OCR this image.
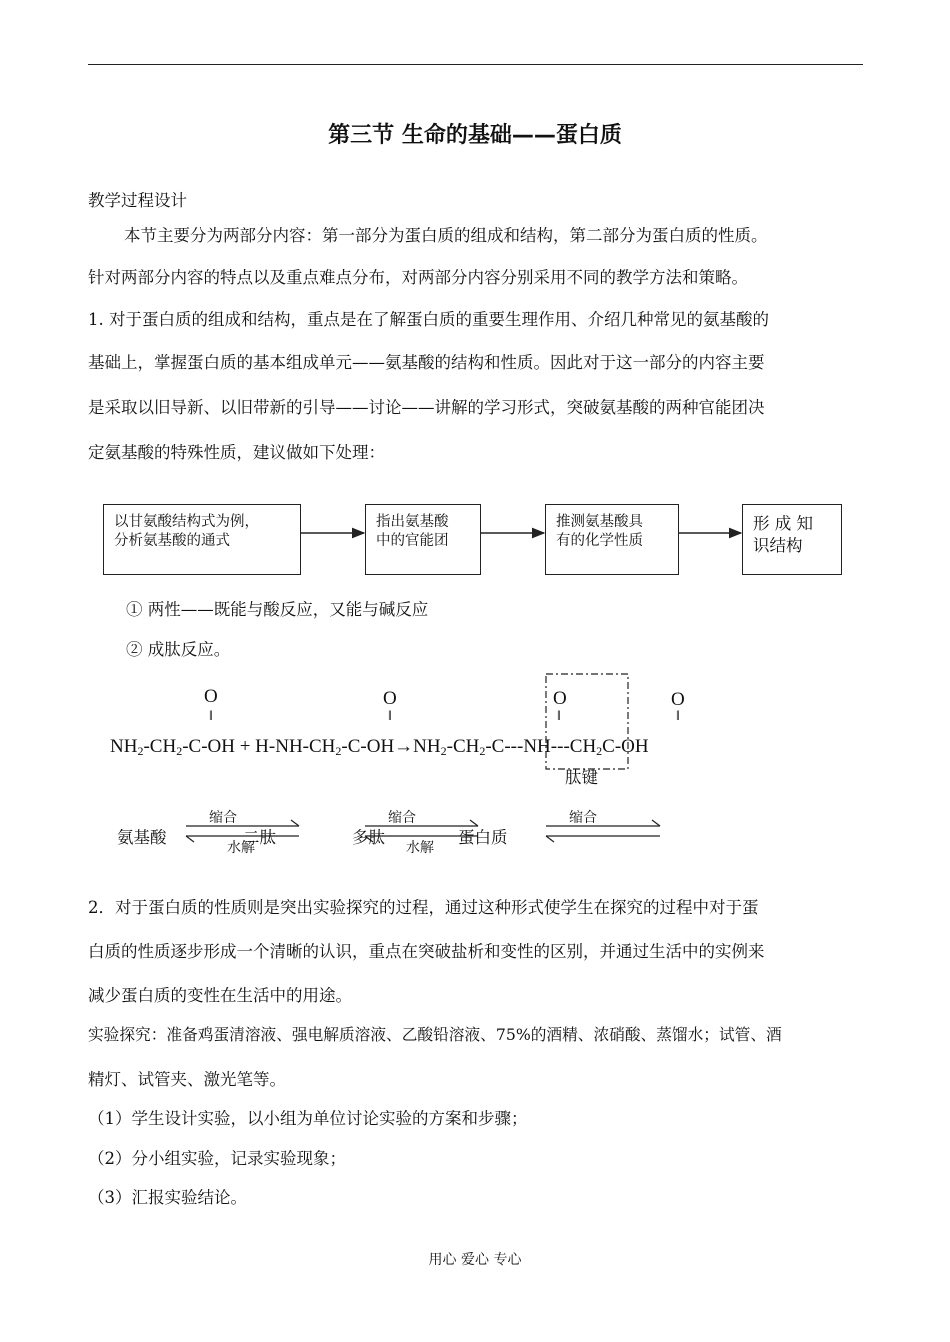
第三节 生命的基础——蛋白质
教学过程设计
本节主要分为两部分内容：第一部分为蛋白质的组成和结构，第二部分为蛋白质的性质。
针对两部分内容的特点以及重点难点分布，对两部分内容分别采用不同的教学方法和策略。
1. 对于蛋白质的组成和结构，重点是在了解蛋白质的重要生理作用、介绍几种常见的氨基酸的
基础上，掌握蛋白质的基本组成单元——氨基酸的结构和性质。因此对于这一部分的内容主要
是采取以旧导新、以旧带新的引导——讨论——讲解的学习形式，突破氨基酸的两种官能团决
定氨基酸的特殊性质，建议做如下处理：
以甘氨酸结构式为例，
分析氨基酸的通式
指出氨基酸
中的官能团
推测氨基酸具
有的化学性质
形 成 知
识结构
① 两性——既能与酸反应，又能与碱反应
② 成肽反应。
O
‖
O
‖
O
‖
O
‖
$NH_2-CH_2-C-OH + H-NH-CH_2-C-OH\to NH_2-CH_2-C---NH---CH_2C-OH$
肽键
氨基酸	二肽	多肽	蛋白质
缩合
水解
缩合
水解
缩合
2．对于蛋白质的性质则是突出实验探究的过程，通过这种形式使学生在探究的过程中对于蛋
白质的性质逐步形成一个清晰的认识，重点在突破盐析和变性的区别，并通过生活中的实例来
减少蛋白质的变性在生活中的用途。
实验探究：准备鸡蛋清溶液、强电解质溶液、乙酸铅溶液、75%的酒精、浓硝酸、蒸馏水；试管、酒
精灯、试管夹、激光笔等。
（1）学生设计实验，以小组为单位讨论实验的方案和步骤；
（2）分小组实验，记录实验现象；
（3）汇报实验结论。
用心 爱心 专心
